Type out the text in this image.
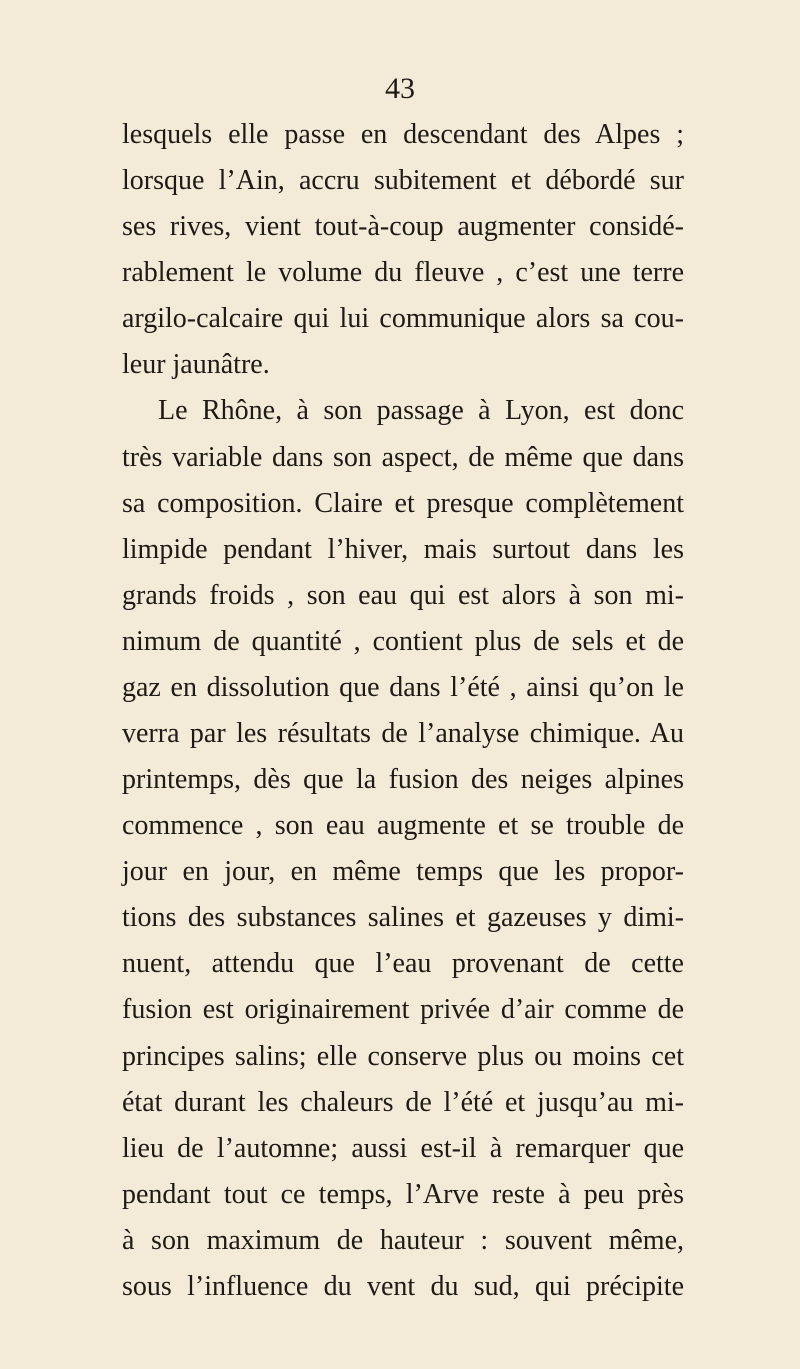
43
lesquels elle passe en descendant des Alpes ;
lorsque l’Ain, accru subitement et débordé sur
ses rives, vient tout-à-coup augmenter considé-
rablement le volume du fleuve , c’est une terre
argilo-calcaire qui lui communique alors sa cou-
leur jaunâtre.
Le Rhône, à son passage à Lyon, est donc
très variable dans son aspect, de même que dans
sa composition. Claire et presque complètement
limpide pendant l’hiver, mais surtout dans les
grands froids , son eau qui est alors à son mi-
nimum de quantité , contient plus de sels et de
gaz en dissolution que dans l’été , ainsi qu’on le
verra par les résultats de l’analyse chimique. Au
printemps, dès que la fusion des neiges alpines
commence , son eau augmente et se trouble de
jour en jour, en même temps que les propor-
tions des substances salines et gazeuses y dimi-
nuent, attendu que l’eau provenant de cette
fusion est originairement privée d’air comme de
principes salins; elle conserve plus ou moins cet
état durant les chaleurs de l’été et jusqu’au mi-
lieu de l’automne; aussi est-il à remarquer que
pendant tout ce temps, l’Arve reste à peu près
à son maximum de hauteur : souvent même,
sous l’influence du vent du sud, qui précipite
